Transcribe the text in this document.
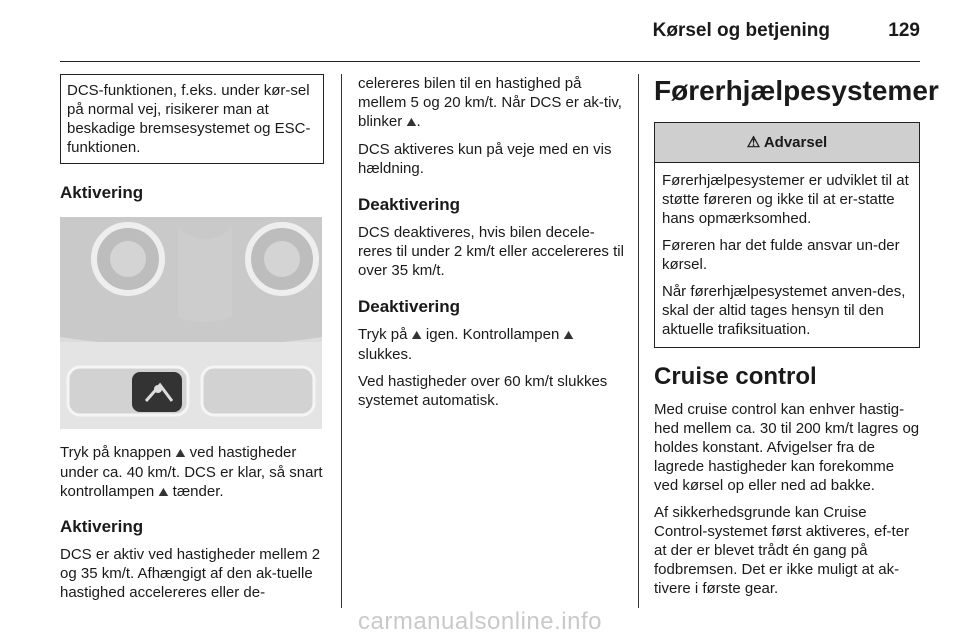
Kørsel og betjening	129

DCS-funktionen, f.eks. under kør-sel på normal vej, risikerer man at beskadige bremsesystemet og ESC-funktionen.

Aktivering

Tryk på knappen ⛰ ved hastigheder under ca. 40 km/t. DCS er klar, så snart kontrollampen ⛰ tænder.

Aktivering

DCS er aktiv ved hastigheder mellem 2 og 35 km/t. Afhængigt af den ak-tuelle hastighed accelereres eller de-

celereres bilen til en hastighed på mellem 5 og 20 km/t. Når DCS er ak-tiv, blinker ⛰.

DCS aktiveres kun på veje med en vis hældning.

Deaktivering

DCS deaktiveres, hvis bilen decele-reres til under 2 km/t eller accelereres til over 35 km/t.

Deaktivering

Tryk på ⛰ igen. Kontrollampen ⛰ slukkes.

Ved hastigheder over 60 km/t slukkes systemet automatisk.

Førerhjælpesystemer

⚠ Advarsel

Førerhjælpesystemer er udviklet til at støtte føreren og ikke til at er-statte hans opmærksomhed.

Føreren har det fulde ansvar un-der kørsel.

Når førerhjælpesystemet anven-des, skal der altid tages hensyn til den aktuelle trafiksituation.

Cruise control

Med cruise control kan enhver hastig-hed mellem ca. 30 til 200 km/t lagres og holdes konstant. Afvigelser fra de lagrede hastigheder kan forekomme ved kørsel op eller ned ad bakke.

Af sikkerhedsgrunde kan Cruise Control-systemet først aktiveres, ef-ter at der er blevet trådt én gang på fodbremsen. Det er ikke muligt at ak-tivere i første gear.

carmanualsonline.info
